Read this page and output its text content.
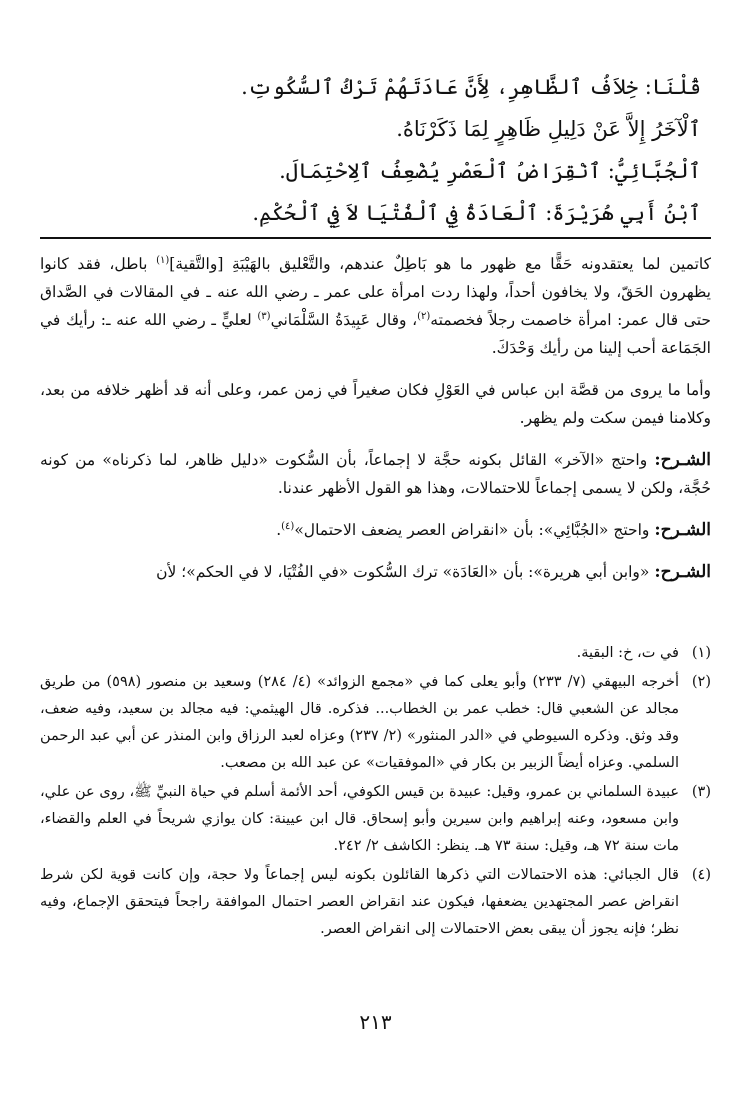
قُلْنَا: خِلاَفُ ٱلظَّاهِرِ، لِأَنَّ عَادَتَهُمْ تَرْكُ ٱلسُّكُوتِ.
ٱلْآخَرُ إِلاَّ عَنْ دَلِيلِ ظَاهِرٍ لِمَا ذَكَرْنَاهُ.
ٱلْجُبَّائِيُّ: ٱنْقِرَاضُ ٱلْعَصْرِ يُضْعِفُ ٱلِاحْتِمَالَ.
ٱبْنُ أَبِي هُرَيْرَةَ: ٱلْعَادَةُ فِي ٱلْفُتْيَا لاَ فِي ٱلْحُكْمِ.

كاتمين لما يعتقدونه حَقًّا مع ظهور ما هو بَاطِلٌ عندهم، والتَّعْليق بالهَيْبَةِ [والتَّقية]$^{(١)}$ باطل، فقد كانوا يظهرون الحَقّ، ولا يخافون أحداً، ولهذا ردت امرأة على عمر ـ رضي الله عنه ـ في المقالات في الصَّداق حتى قال عمر: امرأة خاصمت رجلاً فخصمته$^{(٢)}$، وقال عَبِيدَةُ السَّلْمَاني$^{(٣)}$ لعليٍّ ـ رضي الله عنه ـ: رأيك في الجَمَاعة أحب إلينا من رأيك وَحْدَكَ.

وأما ما يروى من قصَّة ابن عباس في العَوْلِ فكان صغيراً في زمن عمر، وعلى أنه قد أظهر خلافه من بعد، وكلامنا فيمن سكت ولم يظهر.

الشـرح: واحتج «الآخر» القائل بكونه حجَّة لا إجماعاً، بأن السُّكوت «دليل ظاهر، لما ذكرناه» من كونه حُجَّة، ولكن لا يسمى إجماعاً للاحتمالات، وهذا هو القول الأظهر عندنا.

الشـرح: واحتج «الجُبَّائِي»: بأن «انقراض العصر يضعف الاحتمال»$^{(٤)}$.

الشـرح: «وابن أبي هريرة»: بأن «العَادَة» ترك السُّكوت «في الفُتْيَا، لا في الحكم»؛ لأن

(١)
في ت، خ: البقية.
(٢)
أخرجه البيهقي (٧/ ٢٣٣) وأبو يعلى كما في «مجمع الزوائد» (٤/ ٢٨٤) وسعيد بن منصور (٥٩٨) من طريق مجالد عن الشعبي قال: خطب عمر بن الخطاب... فذكره. قال الهيثمي: فيه مجالد بن سعيد، وفيه ضعف، وقد وثق. وذكره السيوطي في «الدر المنثور» (٢/ ٢٣٧) وعزاه لعبد الرزاق وابن المنذر عن أبي عبد الرحمن السلمي. وعزاه أيضاً الزبير بن بكار في «الموفقيات» عن عبد الله بن مصعب.
(٣)
عبيدة السلماني بن عمرو، وقيل: عبيدة بن قيس الكوفي، أحد الأئمة أسلم في حياة النبيِّ ﷺ، روى عن علي، وابن مسعود، وعنه إبراهيم وابن سيرين وأبو إسحاق. قال ابن عيينة: كان يوازي شريحاً في العلم والقضاء، مات سنة ٧٢ هـ، وقيل: سنة ٧٣ هـ. ينظر: الكاشف ٢/ ٢٤٢.
(٤)
قال الجبائي: هذه الاحتمالات التي ذكرها القائلون بكونه ليس إجماعاً ولا حجة، وإن كانت قوية لكن شرط انقراض عصر المجتهدين يضعفها، فيكون عند انقراض العصر احتمال الموافقة راجحاً فيتحقق الإجماع، وفيه نظر؛ فإنه يجوز أن يبقى بعض الاحتمالات إلى انقراض العصر.
٢١٣
